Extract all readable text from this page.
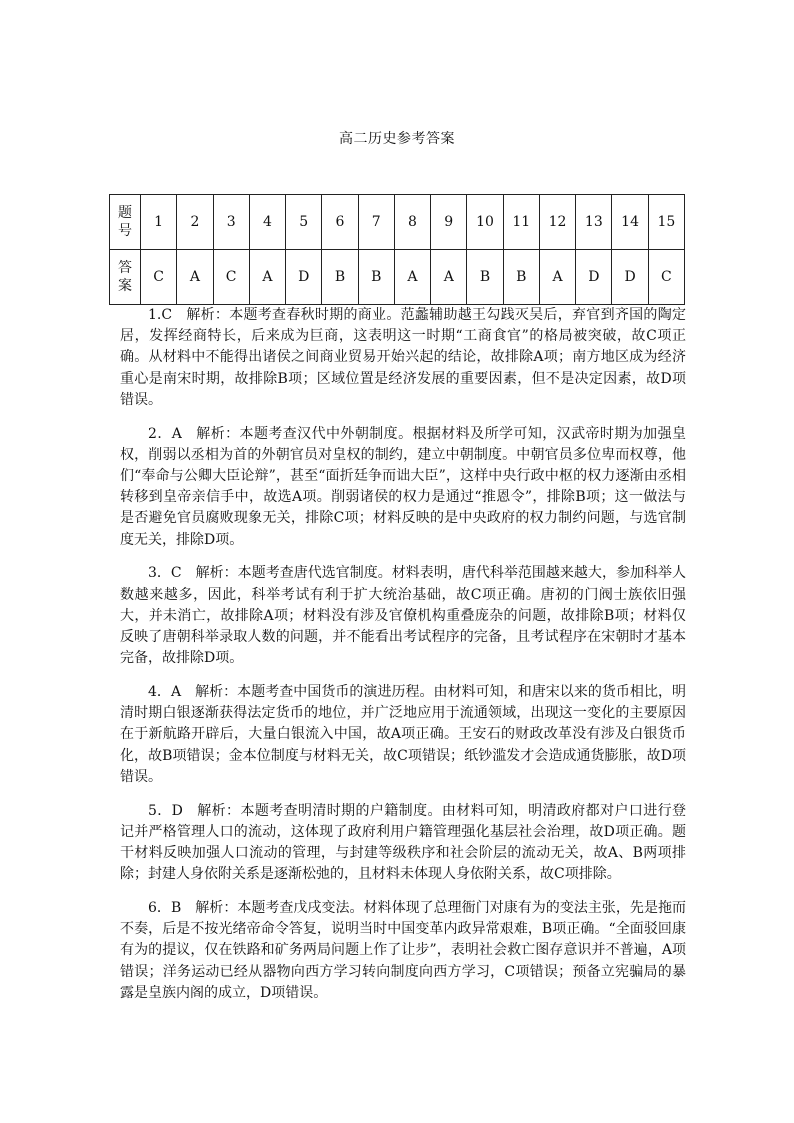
高二历史参考答案
题
号	1	2	3	4	5	6	7	8	9	10	11	12	13	14	15

答
案	C	A	C	A	D	B	B	A	A	B	B	A	D	D	C

1.C 解析：本题考查春秋时期的商业。范蠡辅助越王勾践灭吴后，弃官到齐国的陶定居，发挥经商特长，后来成为巨商，这表明这一时期“工商食官”的格局被突破，故C项正确。从材料中不能得出诸侯之间商业贸易开始兴起的结论，故排除A项；南方地区成为经济重心是南宋时期，故排除B项；区域位置是经济发展的重要因素，但不是决定因素，故D项错误。

2．A 解析：本题考查汉代中外朝制度。根据材料及所学可知，汉武帝时期为加强皇权，削弱以丞相为首的外朝官员对皇权的制约，建立中朝制度。中朝官员多位卑而权尊，他们“奉命与公卿大臣论辩”，甚至“面折廷争而诎大臣”，这样中央行政中枢的权力逐渐由丞相转移到皇帝亲信手中，故选A项。削弱诸侯的权力是通过“推恩令”，排除B项；这一做法与是否避免官员腐败现象无关，排除C项；材料反映的是中央政府的权力制约问题，与选官制度无关，排除D项。

3．C 解析：本题考查唐代选官制度。材料表明，唐代科举范围越来越大，参加科举人数越来越多，因此，科举考试有利于扩大统治基础，故C项正确。唐初的门阀士族依旧强大，并未消亡，故排除A项；材料没有涉及官僚机构重叠庞杂的问题，故排除B项；材料仅反映了唐朝科举录取人数的问题，并不能看出考试程序的完备，且考试程序在宋朝时才基本完备，故排除D项。

4．A 解析：本题考查中国货币的演进历程。由材料可知，和唐宋以来的货币相比，明清时期白银逐渐获得法定货币的地位，并广泛地应用于流通领域，出现这一变化的主要原因在于新航路开辟后，大量白银流入中国，故A项正确。王安石的财政改革没有涉及白银货币化，故B项错误；金本位制度与材料无关，故C项错误；纸钞滥发才会造成通货膨胀，故D项错误。

5．D 解析：本题考查明清时期的户籍制度。由材料可知，明清政府都对户口进行登记并严格管理人口的流动，这体现了政府利用户籍管理强化基层社会治理，故D项正确。题干材料反映加强人口流动的管理，与封建等级秩序和社会阶层的流动无关，故A、B两项排除；封建人身依附关系是逐渐松弛的，且材料未体现人身依附关系，故C项排除。

6．B 解析：本题考查戊戌变法。材料体现了总理衙门对康有为的变法主张，先是拖而不奏，后是不按光绪帝命令答复，说明当时中国变革内政异常艰难，B项正确。“全面驳回康有为的提议，仅在铁路和矿务两局问题上作了让步”，表明社会救亡图存意识并不普遍，A项错误；洋务运动已经从器物向西方学习转向制度向西方学习，C项错误；预备立宪骗局的暴露是皇族内阁的成立，D项错误。
